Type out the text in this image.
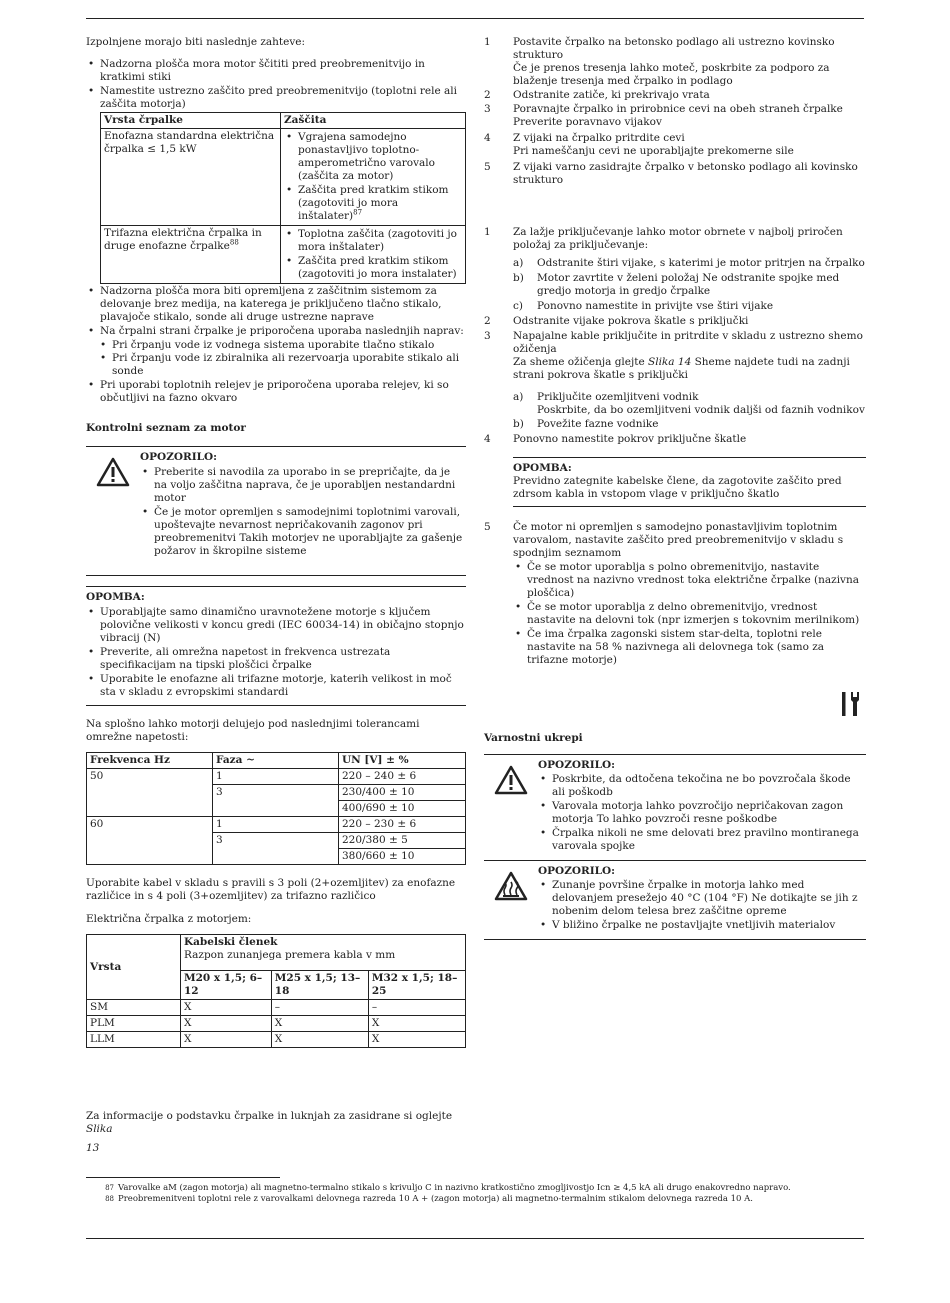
Izpolnjene morajo biti naslednje zahteve:

• Nadzorna plošča mora motor ščititi pred preobremenitvijo in kratkimi stiki
• Namestite ustrezno zaščito pred preobremenitvijo (toplotni rele ali zaščita motorja)
Vrsta črpalke	Zaščita
Enofazna standardna električna črpalka ≤ 1,5 kW	• Vgrajena samodejno ponastavljivo toplotno-amperometrično varovalo (zaščita za motor)
• Zaščita pred kratkim stikom (zagotoviti jo mora inštalater)$^{87}$

Trifazna električna črpalka in druge enofazne črpalke$^{88}$	• Toplotna zaščita (zagotoviti jo mora inštalater)
• Zaščita pred kratkim stikom (zagotoviti jo mora instalater)
• Nadzorna plošča mora biti opremljena z zaščitnim sistemom za delovanje brez medija, na katerega je priključeno tlačno stikalo, plavajoče stikalo, sonde ali druge ustrezne naprave
• Na črpalni strani črpalke je priporočena uporaba naslednjih naprav:
• Pri črpanju vode iz vodnega sistema uporabite tlačno stikalo
• Pri črpanju vode iz zbiralnika ali rezervoarja uporabite stikalo ali sonde
• Pri uporabi toplotnih relejev je priporočena uporaba relejev, ki so občutljivi na fazno okvaro

Kontrolni seznam za motor

OPOZORILO:

• Preberite si navodila za uporabo in se prepričajte, da je na voljo zaščitna naprava, če je uporabljen nestandardni motor
• Če je motor opremljen s samodejnimi toplotnimi varovali, upoštevajte nevarnost nepričakovanih zagonov pri preobremenitvi Takih motorjev ne uporabljajte za gašenje požarov in škropilne sisteme

OPOMBA:

• Uporabljajte samo dinamično uravnotežene motorje s ključem polovične velikosti v koncu gredi (IEC 60034-14) in običajno stopnjo vibracij (N)
• Preverite, ali omrežna napetost in frekvenca ustrezata specifikacijam na tipski ploščici črpalke
• Uporabite le enofazne ali trifazne motorje, katerih velikost in moč sta v skladu z evropskimi standardi

Na splošno lahko motorji delujejo pod naslednjimi tolerancami omrežne napetosti:

Frekvenca Hz	Faza ~	UN [V] ± %
50	1	220 – 240 ± 6
	3	230/400 ± 10
		400/690 ± 10
60	1	220 – 230 ± 6
	3	220/380 ± 5
		380/660 ± 10

Uporabite kabel v skladu s pravili s 3 poli (2+ozemljitev) za enofazne različice in s 4 poli (3+ozemljitev) za trifazno različico

Električna črpalka z motorjem:

Vrsta	Kabelski členek
Razpon zunanjega premera kabla v mm		
	M20 x 1,5; 6–12	M25 x 1,5; 13–18	M32 x 1,5; 18–25
SM	X	–	–
PLM	X	X	X
LLM	X	X	X

Za informacije o podstavku črpalke in luknjah za zasidrane si oglejte Slika
13

1	Postavite črpalko na betonsko podlago ali ustrezno kovinsko strukturo

Če je prenos tresenja lahko moteč, poskrbite za podporo za blaženje tresenja med črpalko in podlago

2	Odstranite zatiče, ki prekrivajo vrata

3	Poravnajte črpalko in prirobnice cevi na obeh straneh črpalke

Preverite poravnavo vijakov

4	Z vijaki na črpalko pritrdite cevi

Pri nameščanju cevi ne uporabljajte prekomerne sile

5	Z vijaki varno zasidrajte črpalko v betonsko podlago ali kovinsko strukturo

1	Za lažje priključevanje lahko motor obrnete v najbolj priročen položaj za priključevanje:

a) Odstranite štiri vijake, s katerimi je motor pritrjen na črpalko
b) Motor zavrtite v želeni položaj Ne odstranite spojke med gredjo motorja in gredjo črpalke
c) Ponovno namestite in privijte vse štiri vijake
2	Odstranite vijake pokrova škatle s priključki

3	Napajalne kable priključite in pritrdite v skladu z ustrezno shemo ožičenja

Za sheme ožičenja glejte Slika 14 Sheme najdete tudi na zadnji strani pokrova škatle s priključki

a) Priključite ozemljitveni vodnik
Poskrbite, da bo ozemljitveni vodnik daljši od faznih vodnikov
b) Povežite fazne vodnike
4	Ponovno namestite pokrov priključne škatle

OPOMBA:

Previdno zategnite kabelske člene, da zagotovite zaščito pred zdrsom kabla in vstopom vlage v priključno škatlo

5	Če motor ni opremljen s samodejno ponastavljivim toplotnim varovalom, nastavite zaščito pred preobremenitvijo v skladu s spodnjim seznamom

• Če se motor uporablja s polno obremenitvijo, nastavite vrednost na nazivno vrednost toka električne črpalke (nazivna ploščica)
• Če se motor uporablja z delno obremenitvijo, vrednost nastavite na delovni tok (npr izmerjen s tokovnim merilnikom)
• Če ima črpalka zagonski sistem star-delta, toplotni rele nastavite na 58 % nazivnega ali delovnega tok (samo za trifazne motorje)

Varnostni ukrepi

OPOZORILO:

• Poskrbite, da odtočena tekočina ne bo povzročala škode ali poškodb
• Varovala motorja lahko povzročijo nepričakovan zagon motorja To lahko povzroči resne poškodbe
• Črpalka nikoli ne sme delovati brez pravilno montiranega varovala spojke

OPOZORILO:

• Zunanje površine črpalke in motorja lahko med delovanjem presežejo 40 °C (104 °F) Ne dotikajte se jih z nobenim delom telesa brez zaščitne opreme
• V bližino črpalke ne postavljajte vnetljivih materialov
87 Varovalke aM (zagon motorja) ali magnetno-termalno stikalo s krivuljo C in nazivno kratkostično zmogljivostjo Icn ≥ 4,5 kA ali drugo enakovredno napravo.
88 Preobremenitveni toplotni rele z varovalkami delovnega razreda 10 A + (zagon motorja) ali magnetno-termalnim stikalom delovnega razreda 10 A.
